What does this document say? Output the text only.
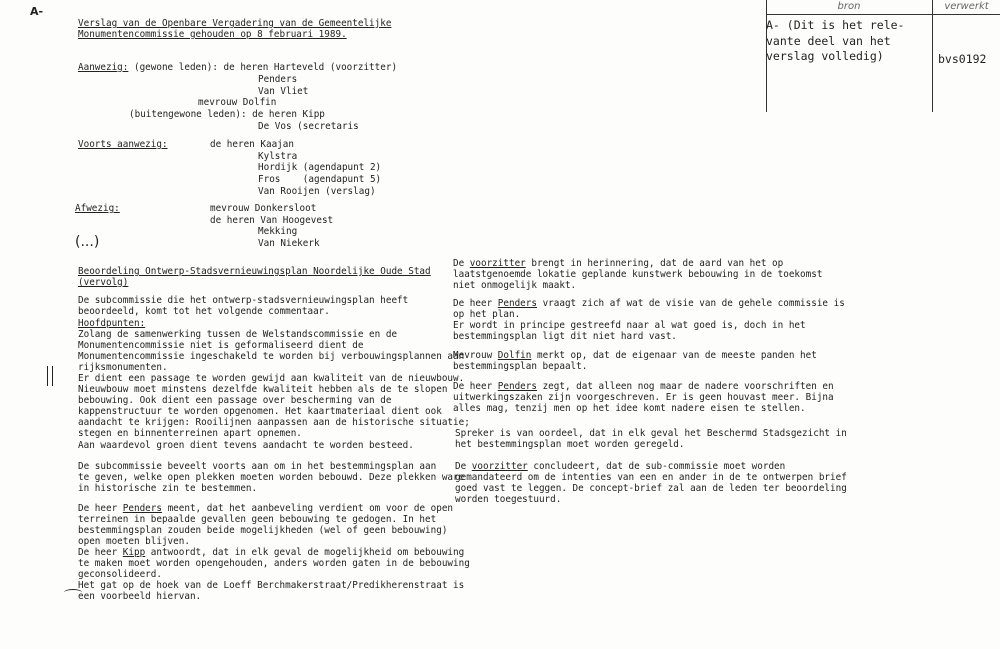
A-	bron	verwerkt
A- (Dit is het rele-
vante deel van het
verslag volledig)	bvs0192
Verslag van de Openbare Vergadering van de Gemeentelijke
Monumentencommissie gehouden op 8 februari 1989.
Aanwezig: (gewone leden): de heren Harteveld (voorzitter)
Penders
Van Vliet
mevrouw Dolfin
(buitengewone leden): de heren Kipp
De Vos (secretaris
Voorts aanwezig:	de heren Kaajan
Kylstra
Hordijk (agendapunt 2)
Fros    (agendapunt 5)
Van Rooijen (verslag)
Afwezig:	mevrouw Donkersloot
de heren Van Hoogevest
Mekking
Van Niekerk
(...)
Beoordeling Ontwerp-Stadsvernieuwingsplan Noordelijke Oude Stad
(vervolg)
De subcommissie die het ontwerp-stadsvernieuwingsplan heeft
beoordeeld, komt tot het volgende commentaar.
Hoofdpunten:
Zolang de samenwerking tussen de Welstandscommissie en de
Monumentencommissie niet is geformaliseerd dient de
Monumentencommissie ingeschakeld te worden bij verbouwingsplannen aan
rijksmonumenten.
Er dient een passage te worden gewijd aan kwaliteit van de nieuwbouw.
Nieuwbouw moet minstens dezelfde kwaliteit hebben als de te slopen
bebouwing. Ook dient een passage over bescherming van de
kappenstructuur te worden opgenomen. Het kaartmateriaal dient ook
aandacht te krijgen: Rooilijnen aanpassen aan de historische situatie;
stegen en binnenterreinen apart opnemen.
Aan waardevol groen dient tevens aandacht te worden besteed.
De subcommissie beveelt voorts aan om in het bestemmingsplan aan
te geven, welke open plekken moeten worden bebouwd. Deze plekken ware
in historische zin te bestemmen.
De heer Penders meent, dat het aanbeveling verdient om voor de open
terreinen in bepaalde gevallen geen bebouwing te gedogen. In het
bestemmingsplan zouden beide mogelijkheden (wel of geen bebouwing)
open moeten blijven.
De heer Kipp antwoordt, dat in elk geval de mogelijkheid om bebouwing
te maken moet worden opengehouden, anders worden gaten in de bebouwing
geconsolideerd.
Het gat op de hoek van de Loeff Berchmakerstraat/Predikherenstraat is
een voorbeeld hiervan.
De voorzitter brengt in herinnering, dat de aard van het op
laatstgenoemde lokatie geplande kunstwerk bebouwing in de toekomst
niet onmogelijk maakt.
De heer Penders vraagt zich af wat de visie van de gehele commissie is
op het plan.
Er wordt in principe gestreefd naar al wat goed is, doch in het
bestemmingsplan ligt dit niet hard vast.
Mevrouw Dolfin merkt op, dat de eigenaar van de meeste panden het
bestemmingsplan bepaalt.
De heer Penders zegt, dat alleen nog maar de nadere voorschriften en
uitwerkingszaken zijn voorgeschreven. Er is geen houvast meer. Bijna
alles mag, tenzij men op het idee komt nadere eisen te stellen.
Spreker is van oordeel, dat in elk geval het Beschermd Stadsgezicht in
het bestemmingsplan moet worden geregeld.
De voorzitter concludeert, dat de sub-commissie moet worden
gemandateerd om de intenties van een en ander in de te ontwerpen brief
goed vast te leggen. De concept-brief zal aan de leden ter beoordeling
worden toegestuurd.
